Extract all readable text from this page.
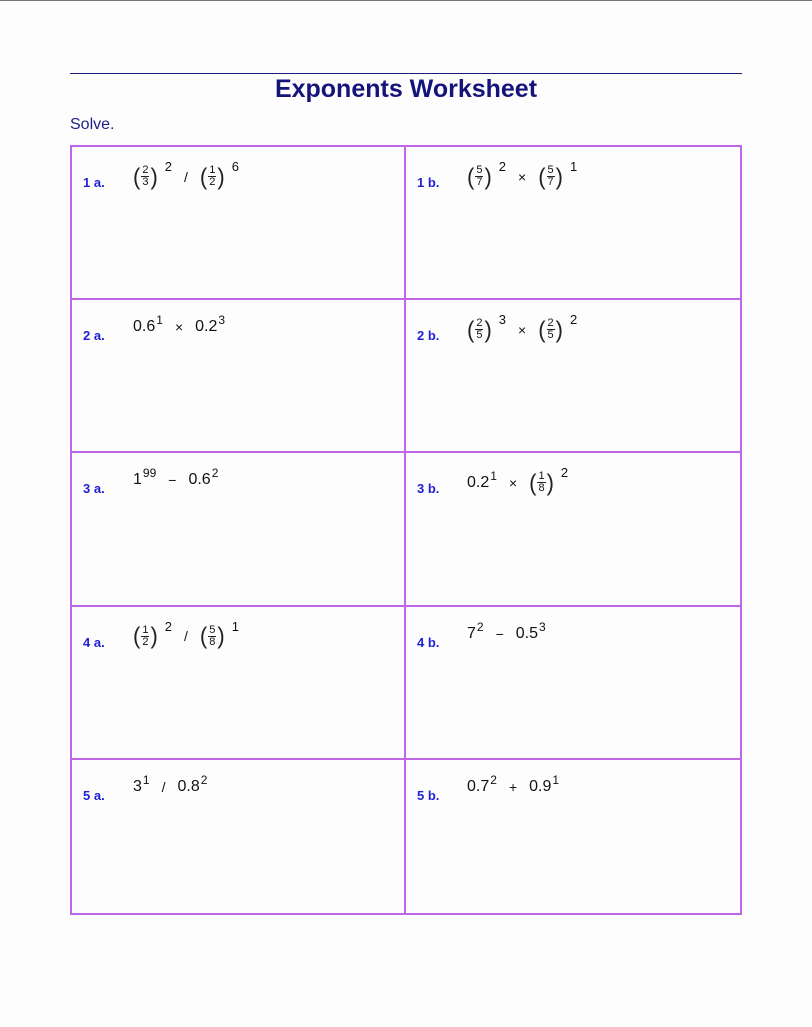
Exponents Worksheet
Solve.
1 a. ( $\frac{2}{3}$ ) 2
/ ( $\frac{1}{2}$ ) 6
1 b. ( $\frac{5}{7}$ ) 2
× ( $\frac{5}{7}$ ) 1
2 a.
$0.6^1 \times 0.2^3$
2 b. ( $\frac{2}{5}$ ) 3
× ( $\frac{2}{5}$ ) 2
3 a.
$1^{99} - 0.6^2$
3 b. $0.2^1$ × ( $\frac{1}{8}$ ) 2
4 a. ( $\frac{1}{2}$ ) 2
/ ( $\frac{5}{8}$ ) 1
4 b.
$7^2 - 0.5^3$
5 a.
$3^1 / 0.8^2$
5 b.
$0.7^2 + 0.9^1$
